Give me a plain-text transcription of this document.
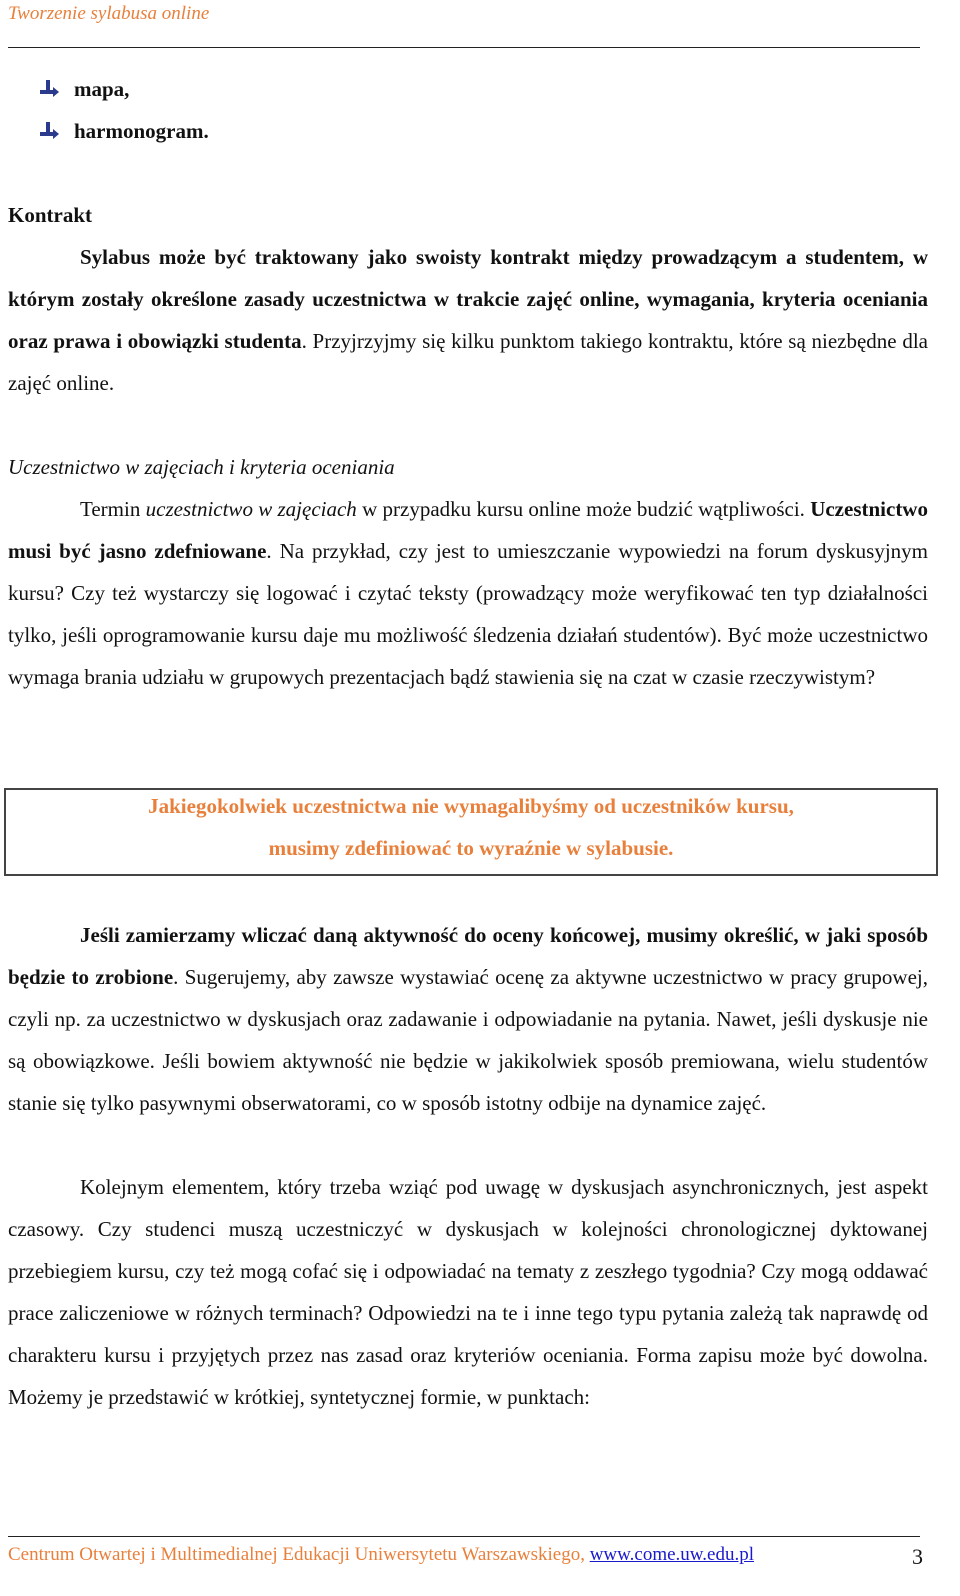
Tworzenie sylabusa online
mapa,
harmonogram.

Kontrakt

Sylabus może być traktowany jako swoisty kontrakt między prowadzącym a studentem, w którym zostały określone zasady uczestnictwa w trakcie zajęć online, wymagania, kryteria oceniania oraz prawa i obowiązki studenta. Przyjrzyjmy się kilku punktom takiego kontraktu, które są niezbędne dla zajęć online.

Uczestnictwo w zajęciach i kryteria oceniania

Termin uczestnictwo w zajęciach w przypadku kursu online może budzić wątpliwości. Uczestnictwo musi być jasno zdefniowane. Na przykład, czy jest to umieszczanie wypowiedzi na forum dyskusyjnym kursu? Czy też wystarczy się logować i czytać teksty (prowadzący może weryfikować ten typ działalności tylko, jeśli oprogramowanie kursu daje mu możliwość śledzenia działań studentów). Być może uczestnictwo wymaga brania udziału w grupowych prezentacjach bądź stawienia się na czat w czasie rzeczywistym?

Jakiegokolwiek uczestnictwa nie wymagalibyśmy od uczestników kursu,
musimy zdefiniować to wyraźnie w sylabusie.

Jeśli zamierzamy wliczać daną aktywność do oceny końcowej, musimy określić, w jaki sposób będzie to zrobione. Sugerujemy, aby zawsze wystawiać ocenę za aktywne uczestnictwo w pracy grupowej, czyli np. za uczestnictwo w dyskusjach oraz zadawanie i odpowiadanie na pytania. Nawet, jeśli dyskusje nie są obowiązkowe. Jeśli bowiem aktywność nie będzie w jakikolwiek sposób premiowana, wielu studentów stanie się tylko pasywnymi obserwatorami, co w sposób istotny odbije na dynamice zajęć.

Kolejnym elementem, który trzeba wziąć pod uwagę w dyskusjach asynchronicznych, jest aspekt czasowy. Czy studenci muszą uczestniczyć w dyskusjach w kolejności chronologicznej dyktowanej przebiegiem kursu, czy też mogą cofać się i odpowiadać na tematy z zeszłego tygodnia? Czy mogą oddawać prace zaliczeniowe w różnych terminach? Odpowiedzi na te i inne tego typu pytania zależą tak naprawdę od charakteru kursu i przyjętych przez nas zasad oraz kryteriów oceniania. Forma zapisu może być dowolna. Możemy je przedstawić w krótkiej, syntetycznej formie, w punktach:

Centrum Otwartej i Multimedialnej Edukacji Uniwersytetu Warszawskiego, www.come.uw.edu.pl	3
